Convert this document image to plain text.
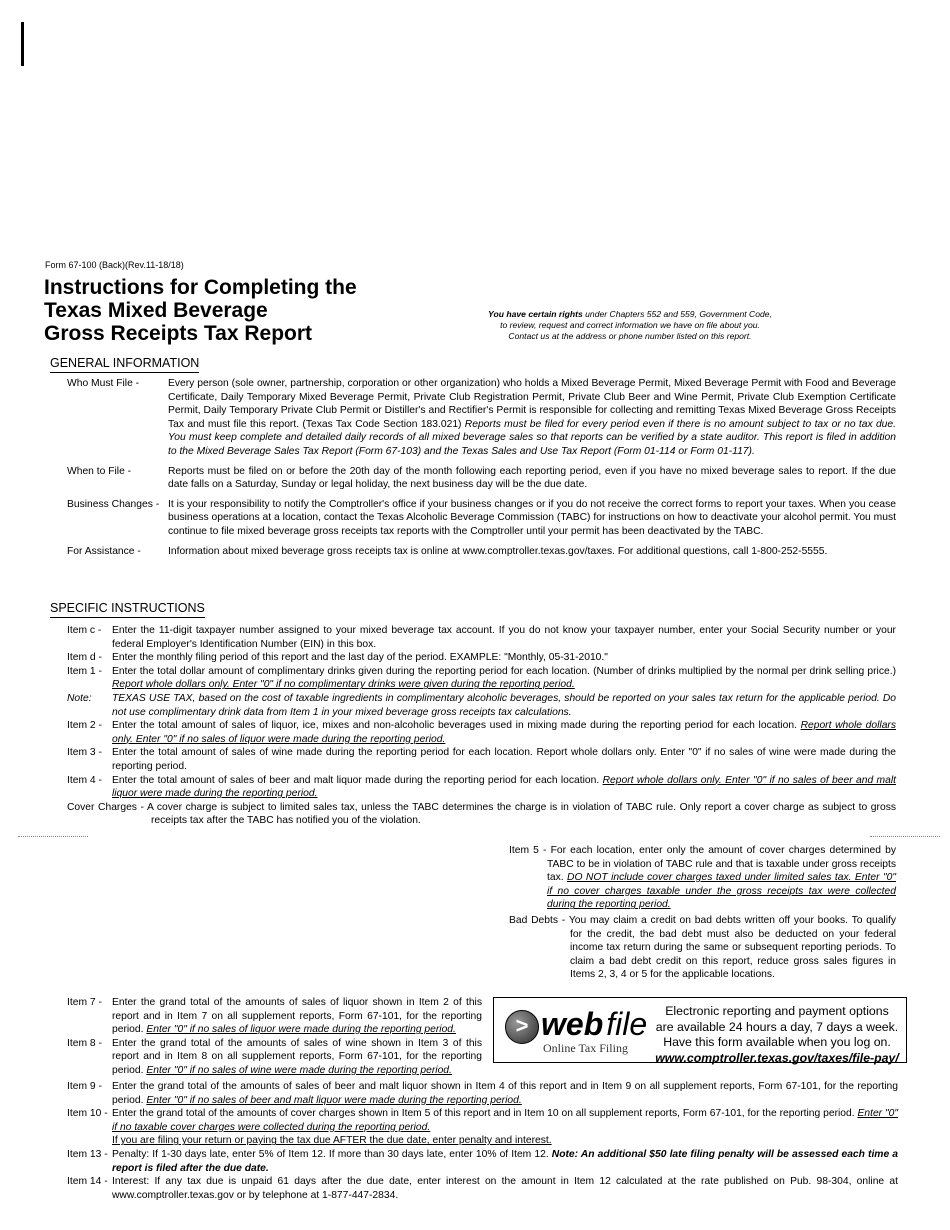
Form 67-100 (Back)(Rev.11-18/18)
Instructions for Completing the
Texas Mixed Beverage
Gross Receipts Tax Report
You have certain rights under Chapters 552 and 559, Government Code,
to review, request and correct information we have on file about you.
Contact us at the address or phone number listed on this report.
GENERAL INFORMATION
Who Must File -	Every person (sole owner, partnership, corporation or other organization) who holds a Mixed Beverage Permit, Mixed Beverage Permit with Food and Beverage Certificate, Daily Temporary Mixed Beverage Permit, Private Club Registration Permit, Private Club Beer and Wine Permit, Private Club Exemption Certificate Permit, Daily Temporary Private Club Permit or Distiller's and Rectifier's Permit is responsible for collecting and remitting Texas Mixed Beverage Gross Receipts Tax and must file this report. (Texas Tax Code Section 183.021) Reports must be filed for every period even if there is no amount subject to tax or no tax due. You must keep complete and detailed daily records of all mixed beverage sales so that reports can be verified by a state auditor. This report is filed in addition to the Mixed Beverage Sales Tax Report (Form 67-103) and the Texas Sales and Use Tax Report (Form 01-114 or Form 01-117).
When to File -	Reports must be filed on or before the 20th day of the month following each reporting period, even if you have no mixed beverage sales to report. If the due date falls on a Saturday, Sunday or legal holiday, the next business day will be the due date.
Business Changes - It is your responsibility to notify the Comptroller's office if your business changes or if you do not receive the correct forms to report your taxes. When you cease business operations at a location, contact the Texas Alcoholic Beverage Commission (TABC) for instructions on how to deactivate your alcohol permit. You must continue to file mixed beverage gross receipts tax reports with the Comptroller until your permit has been deactivated by the TABC.
For Assistance -	Information about mixed beverage gross receipts tax is online at www.comptroller.texas.gov/taxes. For additional questions, call 1-800-252-5555.
SPECIFIC INSTRUCTIONS
Item c -	Enter the 11-digit taxpayer number assigned to your mixed beverage tax account. If you do not know your taxpayer number, enter your Social Security number or your federal Employer's Identification Number (EIN) in this box.
Item d - Enter the monthly filing period of this report and the last day of the period. EXAMPLE: "Monthly, 05-31-2010."
Item 1 - Enter the total dollar amount of complimentary drinks given during the reporting period for each location. (Number of drinks multiplied by the normal per drink selling price.) Report whole dollars only. Enter "0" if no complimentary drinks were given during the reporting period.
Note:	TEXAS USE TAX, based on the cost of taxable ingredients in complimentary alcoholic beverages, should be reported on your sales tax return for the applicable period. Do not use complimentary drink data from Item 1 in your mixed beverage gross receipts tax calculations.
Item 2 - Enter the total amount of sales of liquor, ice, mixes and non-alcoholic beverages used in mixing made during the reporting period for each location. Report whole dollars only. Enter "0" if no sales of liquor were made during the reporting period.
Item 3 - Enter the total amount of sales of wine made during the reporting period for each location. Report whole dollars only. Enter "0" if no sales of wine were made during the reporting period.
Item 4 - Enter the total amount of sales of beer and malt liquor made during the reporting period for each location. Report whole dollars only. Enter "0" if no sales of beer and malt liquor were made during the reporting period.
Cover Charges - A cover charge is subject to limited sales tax, unless the TABC determines the charge is in violation of TABC rule. Only report a cover charge as subject to gross receipts tax after the TABC has notified you of the violation.
Item 5 - For each location, enter only the amount of cover charges determined by TABC to be in violation of TABC rule and that is taxable under gross receipts tax. DO NOT include cover charges taxed under limited sales tax. Enter "0" if no cover charges taxable under the gross receipts tax were collected during the reporting period.
Bad Debts - You may claim a credit on bad debts written off your books. To qualify for the credit, the bad debt must also be deducted on your federal income tax return during the same or subsequent reporting periods. To claim a bad debt credit on this report, reduce gross sales figures in Items 2, 3, 4 or 5 for the applicable locations.
Item 7 - Enter the grand total of the amounts of sales of liquor shown in Item 2 of this report and in Item 7 on all supplement reports, Form 67-101, for the reporting period. Enter "0" if no sales of liquor were made during the reporting period.
Item 8 - Enter the grand total of the amounts of sales of wine shown in Item 3 of this report and in Item 8 on all supplement reports, Form 67-101, for the reporting period. Enter "0" if no sales of wine were made during the reporting period.
> webfile
Online Tax Filing
Electronic reporting and payment options
are available 24 hours a day, 7 days a week.
Have this form available when you log on.
www.comptroller.texas.gov/taxes/file-pay/
Item 9 - Enter the grand total of the amounts of sales of beer and malt liquor shown in Item 4 of this report and in Item 9 on all supplement reports, Form 67-101, for the reporting period. Enter "0" if no sales of beer and malt liquor were made during the reporting period.
Item 10 - Enter the grand total of the amounts of cover charges shown in Item 5 of this report and in Item 10 on all supplement reports, Form 67-101, for the reporting period. Enter "0" if no taxable cover charges were collected during the reporting period.
If you are filing your return or paying the tax due AFTER the due date, enter penalty and interest.
Item 13 - Penalty: If 1-30 days late, enter 5% of Item 12. If more than 30 days late, enter 10% of Item 12. Note: An additional $50 late filing penalty will be assessed each time a report is filed after the due date.
Item 14 - Interest: If any tax due is unpaid 61 days after the due date, enter interest on the amount in Item 12 calculated at the rate published on Pub. 98-304, online at www.comptroller.texas.gov or by telephone at 1-877-447-2834.
